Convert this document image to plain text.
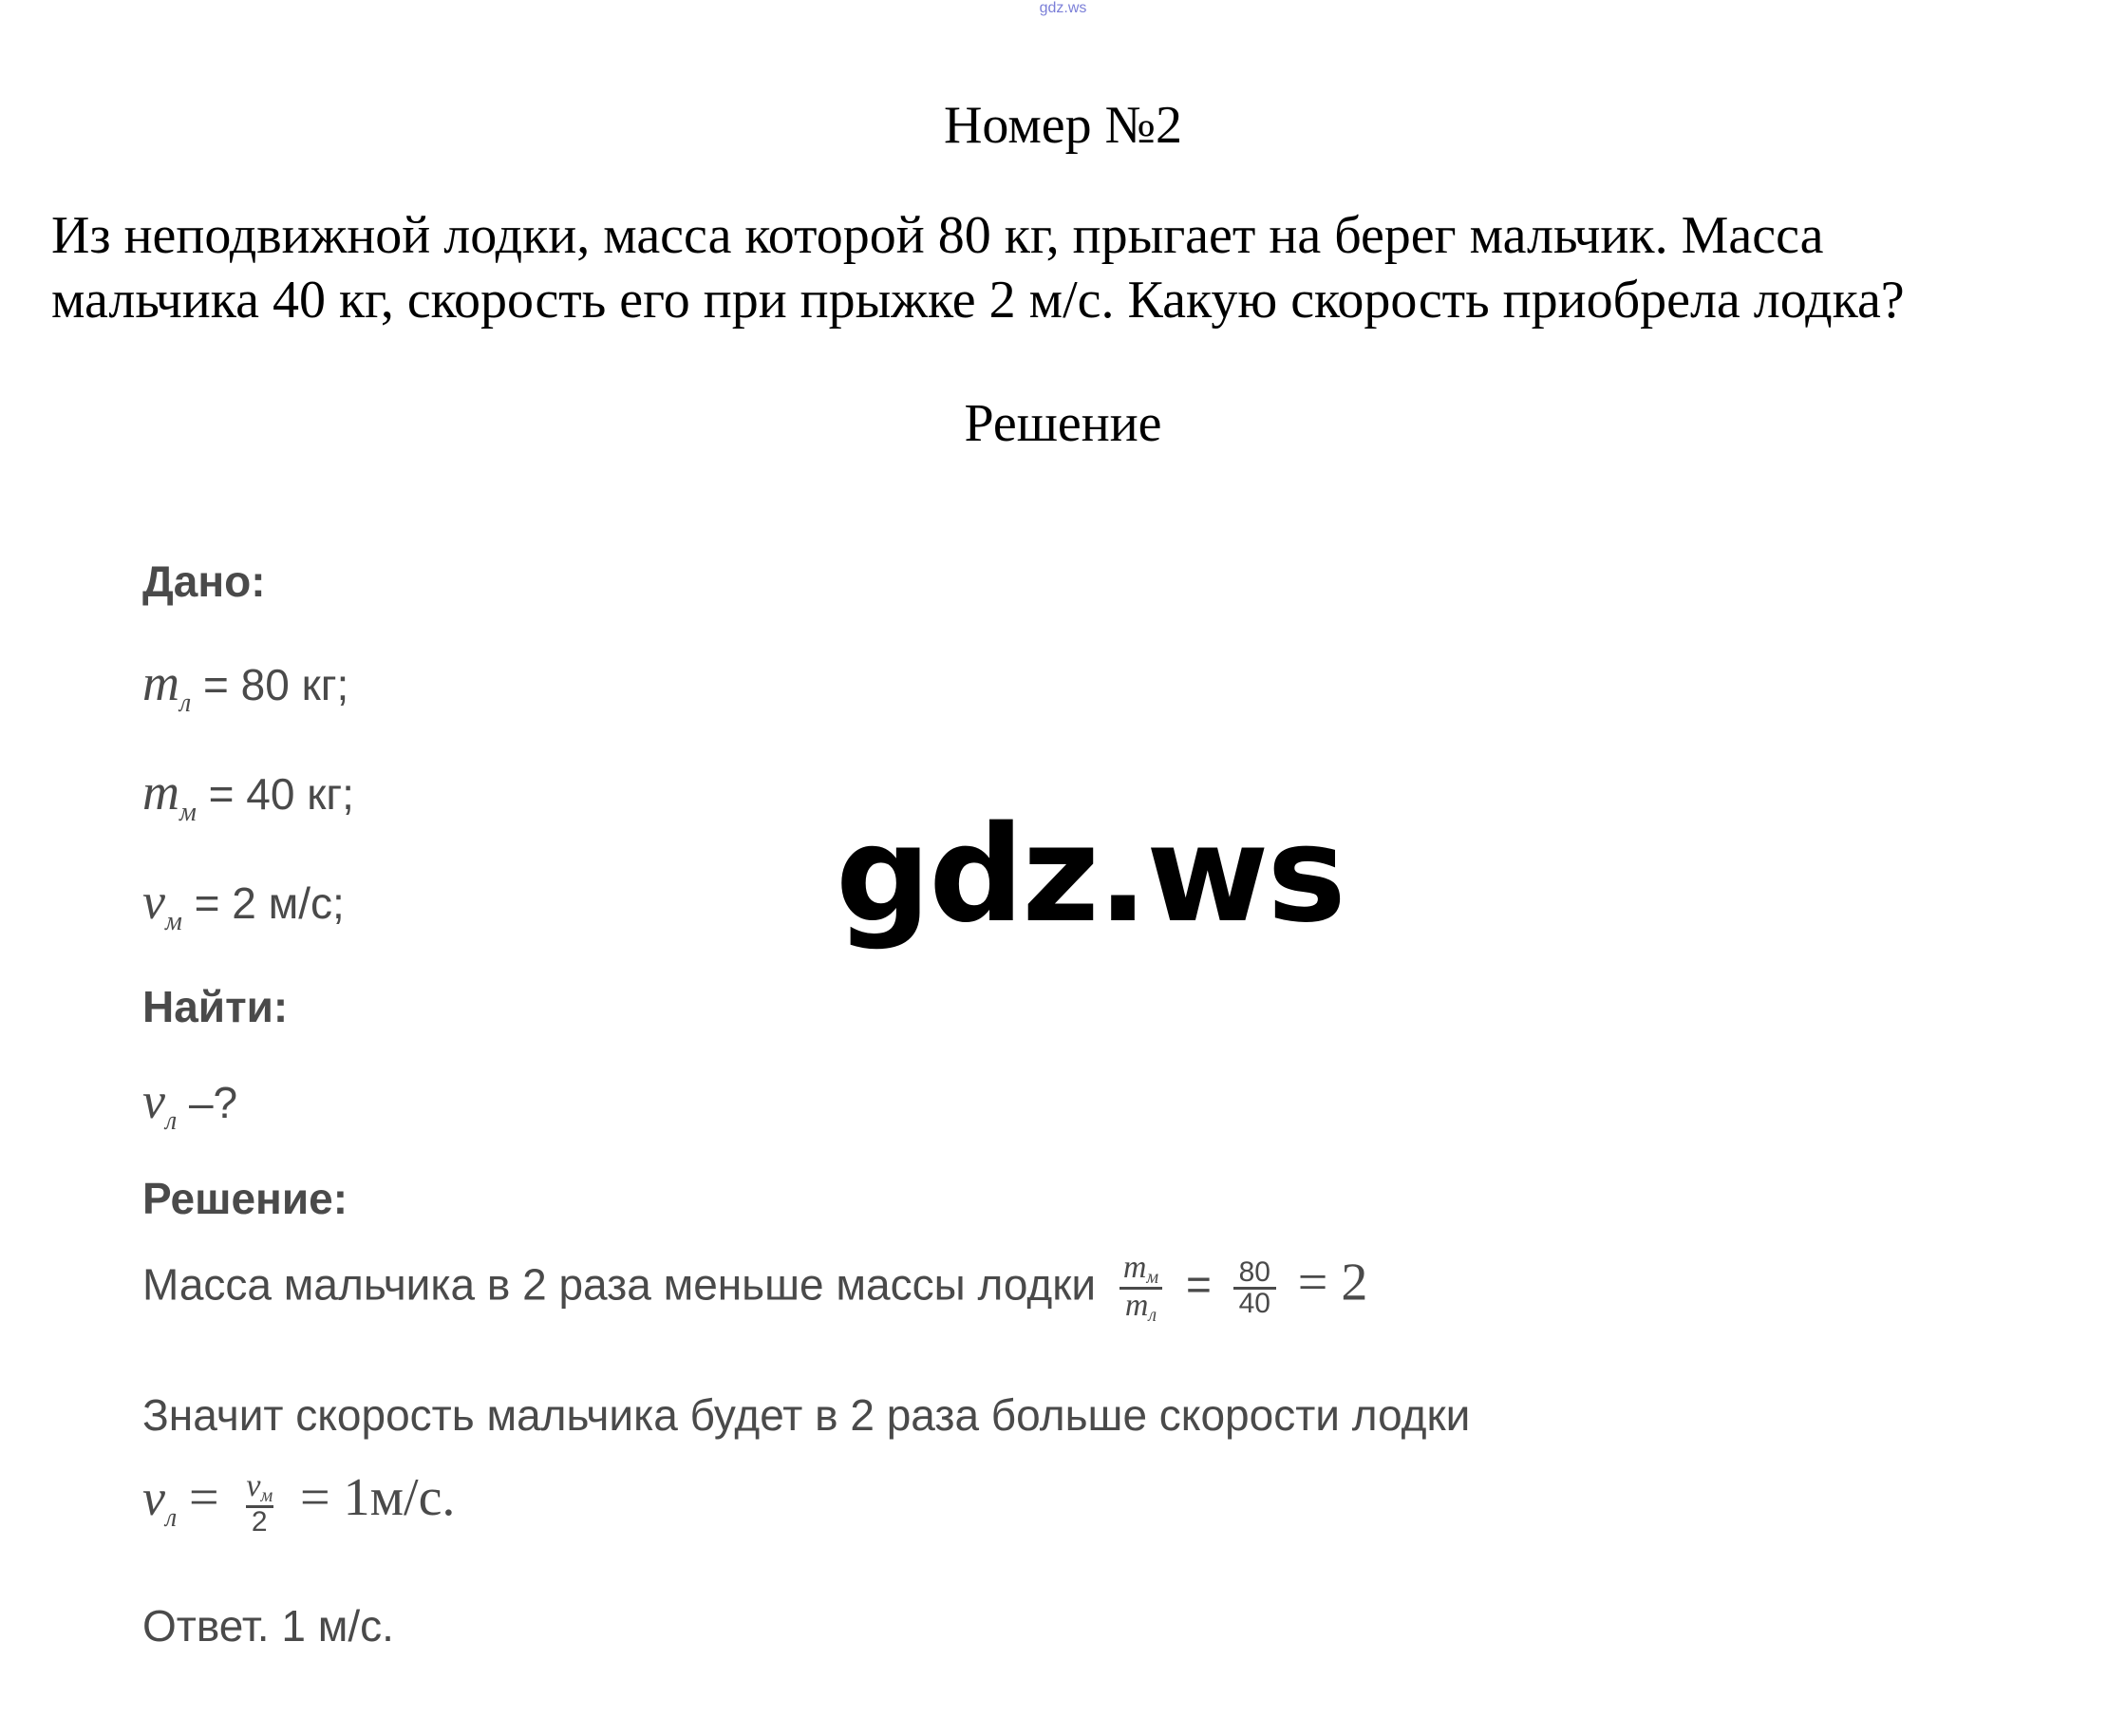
gdz.ws
Номер №2
Из неподвижной лодки, масса которой 80 кг, прыгает на берег мальчик. Масса
мальчика 40 кг, скорость его при прыжке 2 м/с. Какую скорость приобрела лодка?
Решение
Дано:
$m_л = 80$ кг;
$m_м = 40$ кг;
$v_м = 2$ м/с;
Найти:
$v_л$ –?
Решение:
Масса мальчика в 2 раза меньше массы лодки $\frac{m_м}{m_л} = \frac{80}{40} = 2$
Значит скорость мальчика будет в 2 раза больше скорости лодки
$v_л = \frac{v_м}{2} = 1м/с$.
Ответ. 1 м/с.
gdz.ws
